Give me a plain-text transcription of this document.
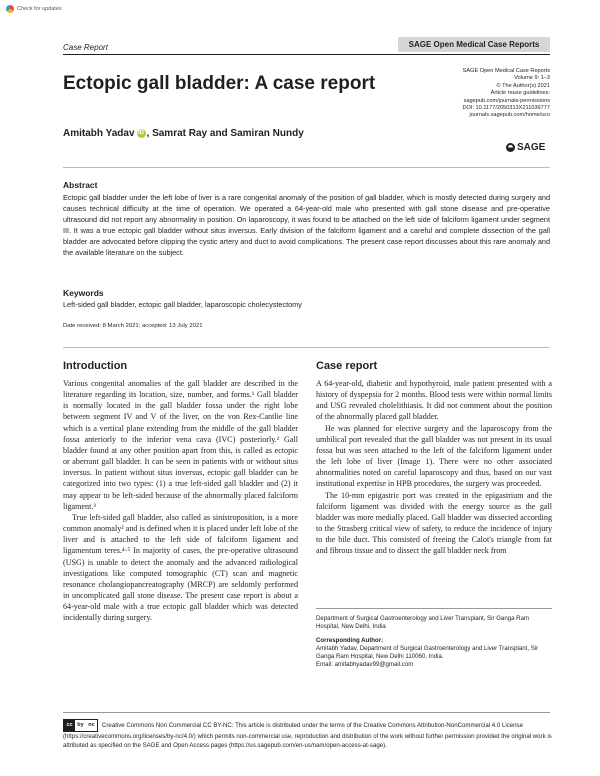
Check for updates
Case Report	SAGE Open Medical Case Reports
Ectopic gall bladder: A case report
SAGE Open Medical Case Reports
Volume 9: 1–3
© The Author(s) 2021
Article reuse guidelines:
sagepub.com/journals-permissions
DOI: 10.1177/2050313X211036777
journals.sagepub.com/home/sco
SAGE
Amitabh Yadav iD , Samrat Ray and Samiran Nundy
Abstract
Ectopic gall bladder under the left lobe of liver is a rare congenital anomaly of the position of gall bladder, which is mostly detected during surgery and causes technical difficulty at the time of operation. We operated a 64-year-old male who presented with gall stone disease and pre-operative ultrasound did not report any abnormality in position. On laparoscopy, it was found to be attached on the left side of falciform ligament under segment III. It was a true ectopic gall bladder without situs inversus. Early division of the falciform ligament and a careful and complete dissection of the gall bladder are advocated before clipping the cystic artery and duct to avoid complications. The present case report discusses about this rare anomaly and the available literature on the subject.
Keywords
Left-sided gall bladder, ectopic gall bladder, laparoscopic cholecystectomy
Date received: 8 March 2021; accepted: 13 July 2021
Introduction

Various congenital anomalies of the gall bladder are described in the literature regarding its location, size, number, and forms.¹ Gall bladder is normally located in the gall bladder fossa under the right lobe between segment IV and V of the liver, on the von Rex-Cantlie line which is a vertical plane extending from the middle of the gall bladder fossa anteriorly to the inferior vena cava (IVC) posteriorly.² Gall bladder found at any other position apart from this, is called as ectopic or aberrant gall bladder. It can be seen in patients with or without situs inversus. In patient without situs inversus, ectopic gall bladder can be categorized into two types: (1) a true left-sided gall bladder and (2) it may appear to be left-sided because of the abnormally placed falciform ligament.³

True left-sided gall bladder, also called as sinistroposition, is a more common anomaly² and is defined when it is placed under left lobe of the liver and is attached to the left side of falciform ligament and ligamentum teres.⁴·⁵ In majority of cases, the pre-operative ultrasound (USG) is unable to detect the anomaly and the advanced radiological investigations like computed tomographic (CT) scan and magnetic resonance cholangiopancreatography (MRCP) are seldomly performed in uncomplicated gall stone disease. The present case report is about a 64-year-old male with a true ectopic gall bladder which was detected incidentally during surgery.

Case report

A 64-year-old, diabetic and hypothyroid, male patient presented with a history of dyspepsia for 2 months. Blood tests were within normal limits and USG revealed cholelithiasis. It did not comment about the position of the abnormally placed gall bladder.

He was planned for elective surgery and the laparoscopy from the umbilical port revealed that the gall bladder was not present in its usual fossa but was seen attached to the left of the falciform ligament under the left lobe of liver (Image 1). There were no other associated abnormalities noted on careful laparoscopy and thus, based on our vast institutional expertise in HPB procedures, the surgery was proceeded.

The 10-mm epigastric port was created in the epigastrium and the falciform ligament was divided with the energy source as the gall bladder was more medially placed. Gall bladder was dissected according to the Strasberg critical view of safety, to reduce the incidence of injury to the bile duct. This consisted of freeing the Calot's triangle from fat and fibrous tissue and to dissect the gall bladder neck from

Department of Surgical Gastroenterology and Liver Transplant, Sir Ganga Ram Hospital, New Delhi, India

Corresponding Author:

Amitabh Yadav, Department of Surgical Gastroenterology and Liver Transplant, Sir Ganga Ram Hospital, New Delhi 110060, India.

Email: amitabhyadav99@gmail.com

cc by nc	Creative Commons Non Commercial CC BY-NC: This article is distributed under the terms of the Creative Commons Attribution-NonCommercial 4.0 License (https://creativecommons.org/licenses/by-nc/4.0/) which permits non-commercial use, reproduction and distribution of the work without further permission provided the original work is attributed as specified on the SAGE and Open Access pages (https://us.sagepub.com/en-us/nam/open-access-at-sage).
